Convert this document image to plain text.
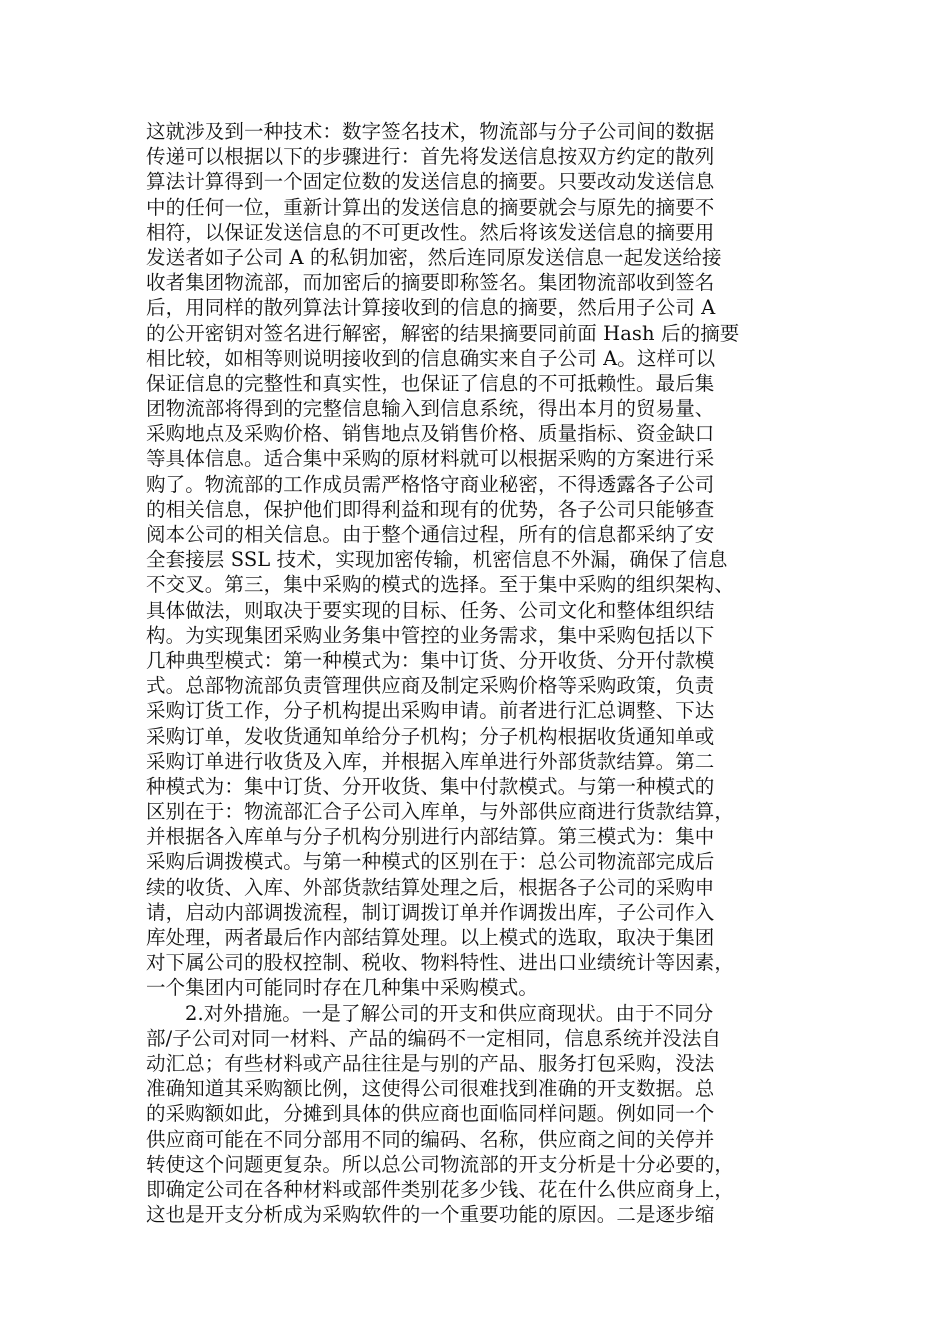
这就涉及到一种技术：数字签名技术，物流部与分子公司间的数据
传递可以根据以下的步骤进行：首先将发送信息按双方约定的散列
算法计算得到一个固定位数的发送信息的摘要。只要改动发送信息
中的任何一位，重新计算出的发送信息的摘要就会与原先的摘要不
相符，以保证发送信息的不可更改性。然后将该发送信息的摘要用
发送者如子公司 A 的私钥加密，然后连同原发送信息一起发送给接
收者集团物流部，而加密后的摘要即称签名。集团物流部收到签名
后，用同样的散列算法计算接收到的信息的摘要，然后用子公司 A
的公开密钥对签名进行解密，解密的结果摘要同前面 Hash 后的摘要
相比较，如相等则说明接收到的信息确实来自子公司 A。这样可以
保证信息的完整性和真实性，也保证了信息的不可抵赖性。最后集
团物流部将得到的完整信息输入到信息系统，得出本月的贸易量、
采购地点及采购价格、销售地点及销售价格、质量指标、资金缺口
等具体信息。适合集中采购的原材料就可以根据采购的方案进行采
购了。物流部的工作成员需严格恪守商业秘密，不得透露各子公司
的相关信息，保护他们即得利益和现有的优势，各子公司只能够查
阅本公司的相关信息。由于整个通信过程，所有的信息都采纳了安
全套接层 SSL 技术，实现加密传输，机密信息不外漏，确保了信息
不交叉。第三，集中采购的模式的选择。至于集中采购的组织架构、
具体做法，则取决于要实现的目标、任务、公司文化和整体组织结
构。为实现集团采购业务集中管控的业务需求，集中采购包括以下
几种典型模式：第一种模式为：集中订货、分开收货、分开付款模
式。总部物流部负责管理供应商及制定采购价格等采购政策，负责
采购订货工作，分子机构提出采购申请。前者进行汇总调整、下达
采购订单，发收货通知单给分子机构；分子机构根据收货通知单或
采购订单进行收货及入库，并根据入库单进行外部货款结算。第二
种模式为：集中订货、分开收货、集中付款模式。与第一种模式的
区别在于：物流部汇合子公司入库单，与外部供应商进行货款结算，
并根据各入库单与分子机构分别进行内部结算。第三模式为：集中
采购后调拨模式。与第一种模式的区别在于：总公司物流部完成后
续的收货、入库、外部货款结算处理之后，根据各子公司的采购申
请，启动内部调拨流程，制订调拨订单并作调拨出库，子公司作入
库处理，两者最后作内部结算处理。以上模式的选取，取决于集团
对下属公司的股权控制、税收、物料特性、进出口业绩统计等因素，
一个集团内可能同时存在几种集中采购模式。
2.对外措施。一是了解公司的开支和供应商现状。由于不同分
部/子公司对同一材料、产品的编码不一定相同，信息系统并没法自
动汇总；有些材料或产品往往是与别的产品、服务打包采购，没法
准确知道其采购额比例，这使得公司很难找到准确的开支数据。总
的采购额如此，分摊到具体的供应商也面临同样问题。例如同一个
供应商可能在不同分部用不同的编码、名称，供应商之间的关停并
转使这个问题更复杂。所以总公司物流部的开支分析是十分必要的，
即确定公司在各种材料或部件类别花多少钱、花在什么供应商身上，
这也是开支分析成为采购软件的一个重要功能的原因。二是逐步缩
